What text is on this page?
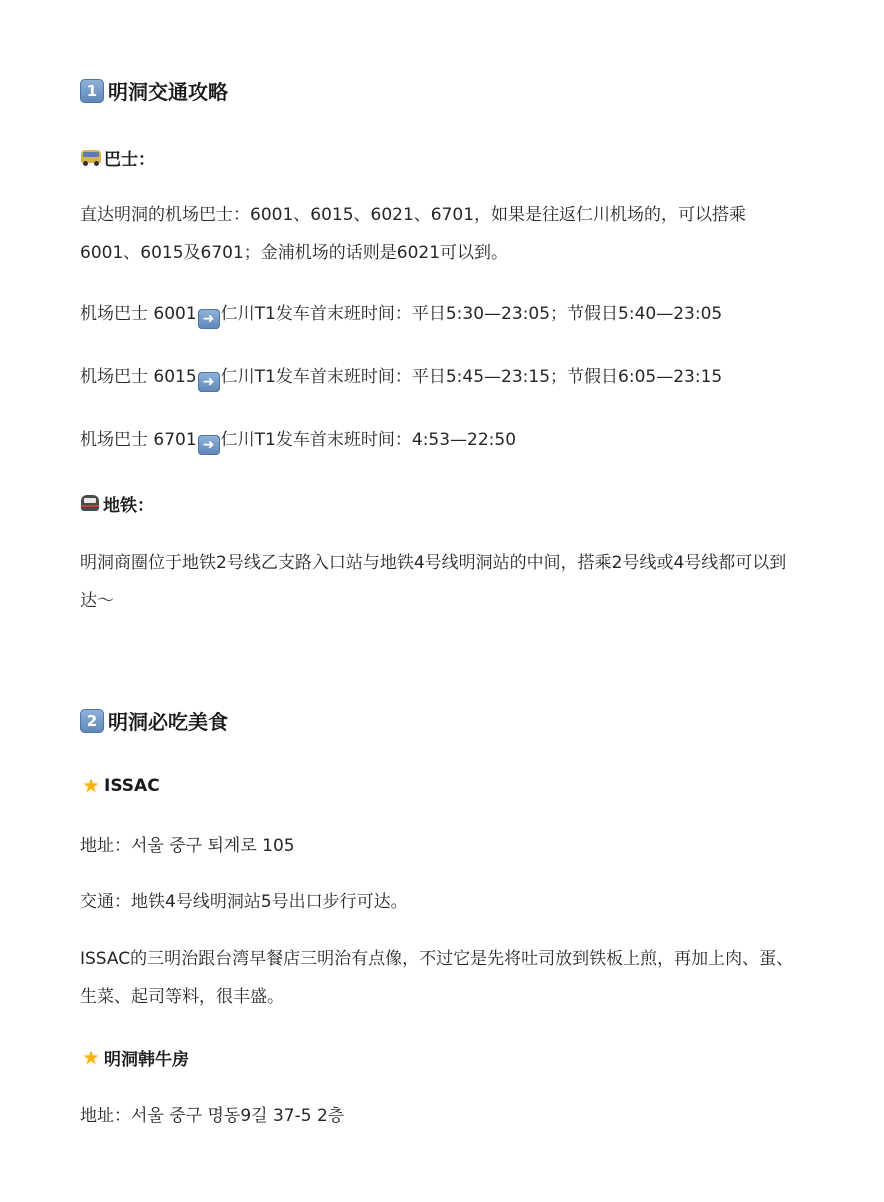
1 明洞交通攻略
巴士：
直达明洞的机场巴士：6001、6015、6021、6701，如果是往返仁川机场的，可以搭乘6001、6015及6701；金浦机场的话则是6021可以到。
机场巴士 6001 ➜ 仁川T1发车首末班时间：平日5:30—23:05；节假日5:40—23:05
机场巴士 6015 ➜ 仁川T1发车首末班时间：平日5:45—23:15；节假日6:05—23:15
机场巴士 6701 ➜ 仁川T1发车首末班时间：4:53—22:50
地铁：
明洞商圈位于地铁2号线乙支路入口站与地铁4号线明洞站的中间，搭乘2号线或4号线都可以到达～
2 明洞必吃美食
★ ISSAC
地址：서울 중구 퇴계로 105
交通：地铁4号线明洞站5号出口步行可达。
ISSAC的三明治跟台湾早餐店三明治有点像，不过它是先将吐司放到铁板上煎，再加上肉、蛋、生菜、起司等料，很丰盛。
★ 明洞韩牛房
地址：서울 중구 명동9길 37-5 2층
